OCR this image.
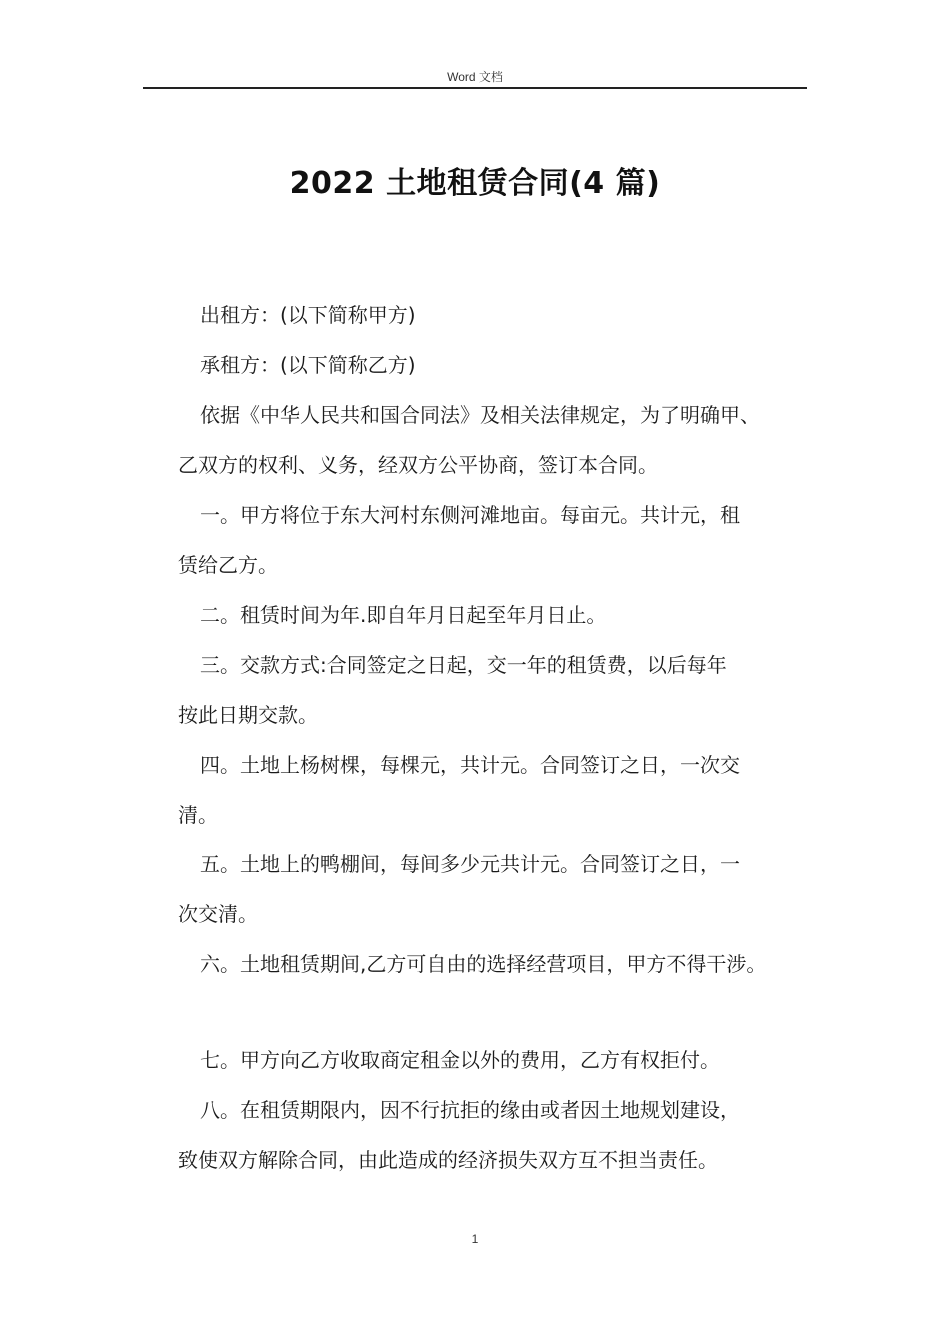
Word 文档
2022 土地租赁合同(4 篇)
出租方：(以下简称甲方)
承租方：(以下简称乙方)
依据《中华人民共和国合同法》及相关法律规定，为了明确甲、
乙双方的权利、义务，经双方公平协商，签订本合同。
一。甲方将位于东大河村东侧河滩地亩。每亩元。共计元，租
赁给乙方。
二。租赁时间为年.即自年月日起至年月日止。
三。交款方式:合同签定之日起，交一年的租赁费，以后每年
按此日期交款。
四。土地上杨树棵，每棵元，共计元。合同签订之日，一次交
清。
五。土地上的鸭棚间，每间多少元共计元。合同签订之日，一
次交清。
六。土地租赁期间,乙方可自由的选择经营项目，甲方不得干涉。
七。甲方向乙方收取商定租金以外的费用，乙方有权拒付。
八。在租赁期限内，因不行抗拒的缘由或者因土地规划建设，
致使双方解除合同，由此造成的经济损失双方互不担当责任。
1
